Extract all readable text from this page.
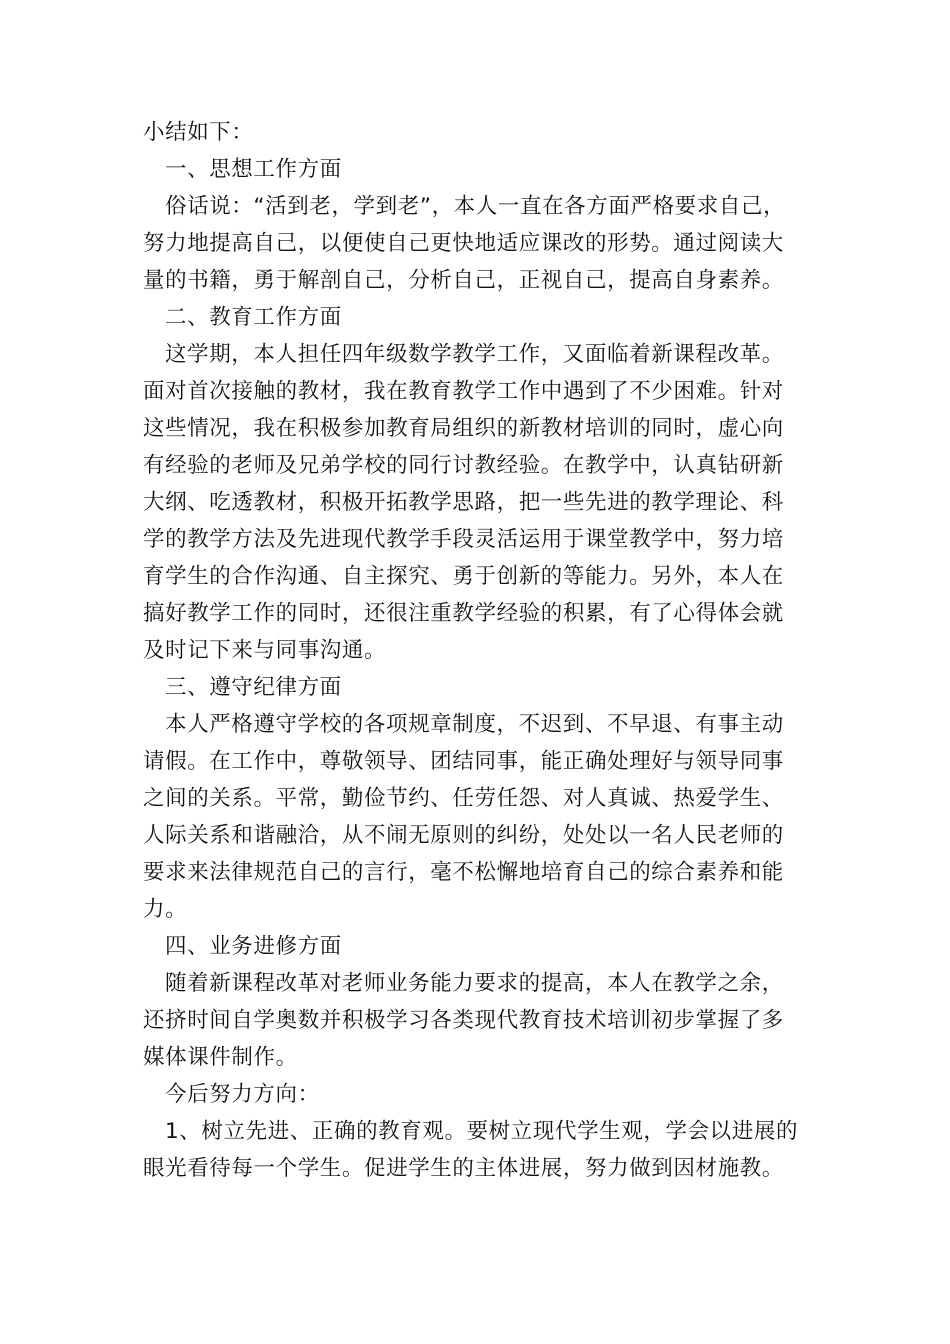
小结如下：
一、思想工作方面
俗话说：“活到老，学到老”，本人一直在各方面严格要求自己，
努力地提高自己，以便使自己更快地适应课改的形势。通过阅读大
量的书籍，勇于解剖自己，分析自己，正视自己，提高自身素养。
二、教育工作方面
这学期，本人担任四年级数学教学工作，又面临着新课程改革。
面对首次接触的教材，我在教育教学工作中遇到了不少困难。针对
这些情况，我在积极参加教育局组织的新教材培训的同时，虚心向
有经验的老师及兄弟学校的同行讨教经验。在教学中，认真钻研新
大纲、吃透教材，积极开拓教学思路，把一些先进的教学理论、科
学的教学方法及先进现代教学手段灵活运用于课堂教学中，努力培
育学生的合作沟通、自主探究、勇于创新的等能力。另外，本人在
搞好教学工作的同时，还很注重教学经验的积累，有了心得体会就
及时记下来与同事沟通。
三、遵守纪律方面
本人严格遵守学校的各项规章制度，不迟到、不早退、有事主动
请假。在工作中，尊敬领导、团结同事，能正确处理好与领导同事
之间的关系。平常，勤俭节约、任劳任怨、对人真诚、热爱学生、
人际关系和谐融洽，从不闹无原则的纠纷，处处以一名人民老师的
要求来法律规范自己的言行，毫不松懈地培育自己的综合素养和能
力。
四、业务进修方面
随着新课程改革对老师业务能力要求的提高，本人在教学之余，
还挤时间自学奥数并积极学习各类现代教育技术培训初步掌握了多
媒体课件制作。
今后努力方向：
1、树立先进、正确的教育观。要树立现代学生观，学会以进展的
眼光看待每一个学生。促进学生的主体进展，努力做到因材施教。
